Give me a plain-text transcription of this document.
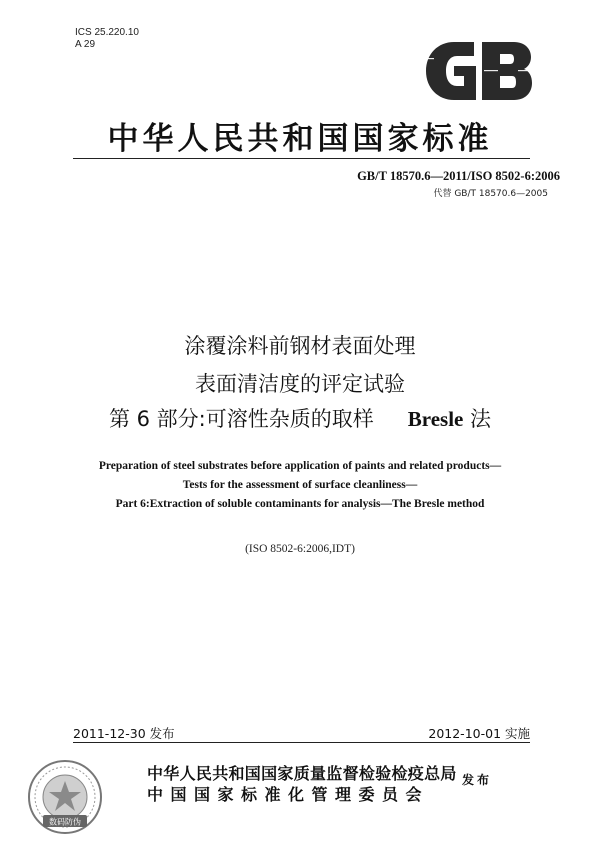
ICS 25.220.10
A 29
中华人民共和国国家标准
GB/T 18570.6—2011/ISO 8502-6:2006
代替 GB/T 18570.6—2005
涂覆涂料前钢材表面处理
表面清洁度的评定试验
第 6 部分:可溶性杂质的取样 Bresle 法
Preparation of steel substrates before application of paints and related products—
Tests for the assessment of surface cleanliness—
Part 6:Extraction of soluble contaminants for analysis—The Bresle method
(ISO 8502-6:2006,IDT)
2011-12-30 发布	2012-10-01 实施
数码防伪
中华人民共和国国家质量监督检验检疫总局
中国国家标准化管理委员会
发布
